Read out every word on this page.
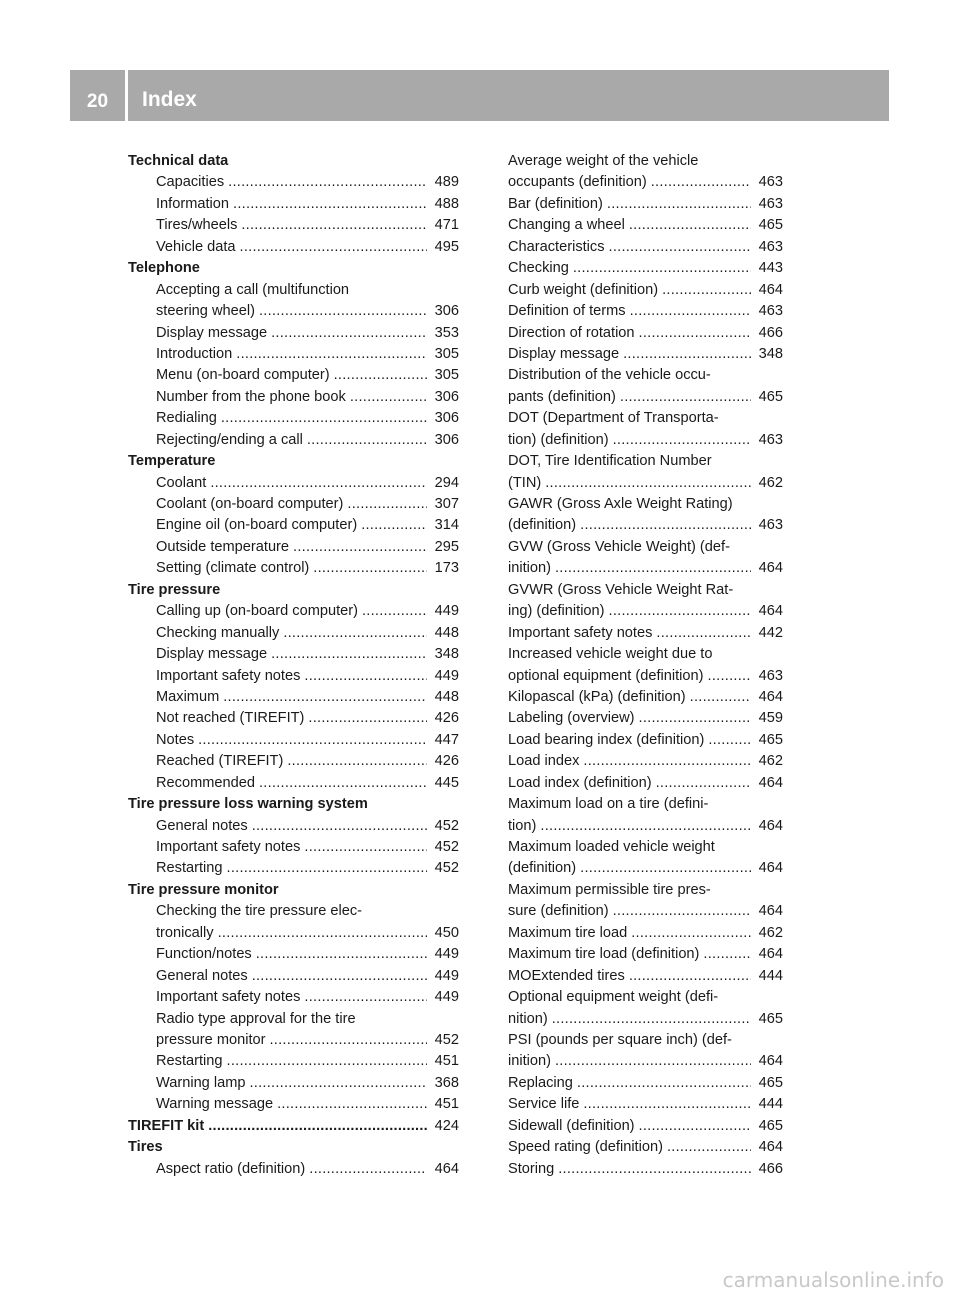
20	Index
Technical data
Capacities . . .	489
Information . . .	488
Tires/wheels . . .	471
Vehicle data . . .	495
Telephone
Accepting a call (multifunction
steering wheel) . . .	306
Display message . . .	353
Introduction . . .	305
Menu (on-board computer) . . .	305
Number from the phone book . . .	306
Redialing . . .	306
Rejecting/ending a call . . .	306
Temperature
Coolant . . .	294
Coolant (on-board computer) . . .	307
Engine oil (on-board computer) . . .	314
Outside temperature . . .	295
Setting (climate control) . . .	173
Tire pressure
Calling up (on-board computer) . . .	449
Checking manually . . .	448
Display message . . .	348
Important safety notes . . .	449
Maximum . . .	448
Not reached (TIREFIT) . . .	426
Notes . . .	447
Reached (TIREFIT) . . .	426
Recommended . . .	445
Tire pressure loss warning system
General notes . . .	452
Important safety notes . . .	452
Restarting . . .	452
Tire pressure monitor
Checking the tire pressure elec-
tronically . . .	450
Function/notes . . .	449
General notes . . .	449
Important safety notes . . .	449
Radio type approval for the tire
pressure monitor . . .	452
Restarting . . .	451
Warning lamp . . .	368
Warning message . . .	451
TIREFIT kit . . .	424
Tires
Aspect ratio (definition) . . .	464
Average weight of the vehicle
occupants (definition) . . .	463
Bar (definition) . . .	463
Changing a wheel . . .	465
Characteristics . . .	463
Checking . . .	443
Curb weight (definition) . . .	464
Definition of terms . . .	463
Direction of rotation . . .	466
Display message . . .	348
Distribution of the vehicle occu-
pants (definition) . . .	465
DOT (Department of Transporta-
tion) (definition) . . .	463
DOT, Tire Identification Number
(TIN) . . .	462
GAWR (Gross Axle Weight Rating)
(definition) . . .	463
GVW (Gross Vehicle Weight) (def-
inition) . . .	464
GVWR (Gross Vehicle Weight Rat-
ing) (definition) . . .	464
Important safety notes . . .	442
Increased vehicle weight due to
optional equipment (definition) . . .	463
Kilopascal (kPa) (definition) . . .	464
Labeling (overview) . . .	459
Load bearing index (definition) . . .	465
Load index . . .	462
Load index (definition) . . .	464
Maximum load on a tire (defini-
tion) . . .	464
Maximum loaded vehicle weight
(definition) . . .	464
Maximum permissible tire pres-
sure (definition) . . .	464
Maximum tire load . . .	462
Maximum tire load (definition) . . .	464
MOExtended tires . . .	444
Optional equipment weight (defi-
nition) . . .	465
PSI (pounds per square inch) (def-
inition) . . .	464
Replacing . . .	465
Service life . . .	444
Sidewall (definition) . . .	465
Speed rating (definition) . . .	464
Storing . . .	466
carmanualsonline.info
